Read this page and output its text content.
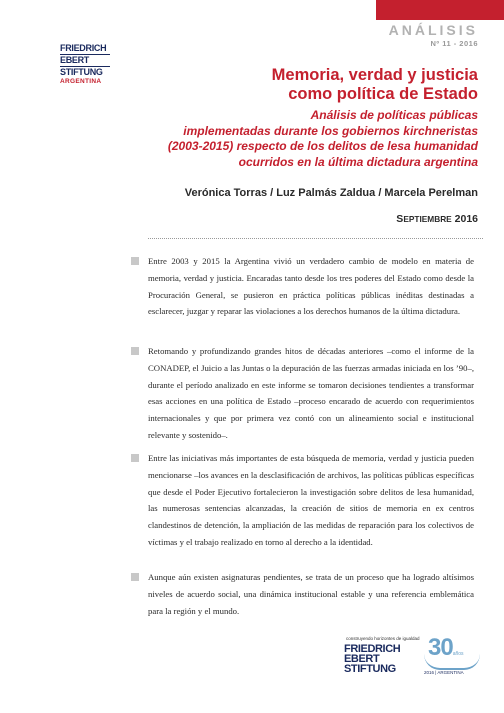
ANÁLISIS
Nº 11 - 2016
FRIEDRICH
EBERT
STIFTUNG
ARGENTINA	Memoria, verdad y justicia
como política de Estado
Análisis de políticas públicas
implementadas durante los gobiernos kirchneristas
(2003-2015) respecto de los delitos de lesa humanidad
ocurridos en la última dictadura argentina
Verónica Torras / Luz Palmás Zaldua / Marcela Perelman
SEPTIEMBRE 2016
Entre 2003 y 2015 la Argentina vivió un verdadero cambio de modelo en materia de memoria, verdad y justicia. Encaradas tanto desde los tres poderes del Estado como desde la Procuración General, se pusieron en práctica políticas públicas inéditas destinadas a esclarecer, juzgar y reparar las violaciones a los derechos humanos de la última dictadura.
Retomando y profundizando grandes hitos de décadas anteriores –como el informe de la CONADEP, el Juicio a las Juntas o la depuración de las fuerzas armadas iniciada en los ’90–, durante el período analizado en este informe se tomaron decisiones tendientes a transformar esas acciones en una política de Estado –proceso encarado de acuerdo con requerimientos internacionales y que por primera vez contó con un alineamiento social e institucional relevante y sostenido–.
Entre las iniciativas más importantes de esta búsqueda de memoria, verdad y justicia pueden mencionarse –los avances en la desclasificación de archivos, las políticas públicas específicas que desde el Poder Ejecutivo fortalecieron la investigación sobre delitos de lesa humanidad, las numerosas sentencias alcanzadas, la creación de sitios de memoria en ex centros clandestinos de detención, la ampliación de las medidas de reparación para los colectivos de víctimas y el trabajo realizado en torno al derecho a la identidad.
Aunque aún existen asignaturas pendientes, se trata de un proceso que ha logrado altísimos niveles de acuerdo social, una dinámica institucional estable y una referencia emblemática para la región y el mundo.
construyendo horizontes de igualdad
FRIEDRICH
EBERT
STIFTUNG
30años
2016 | ARGENTINA
